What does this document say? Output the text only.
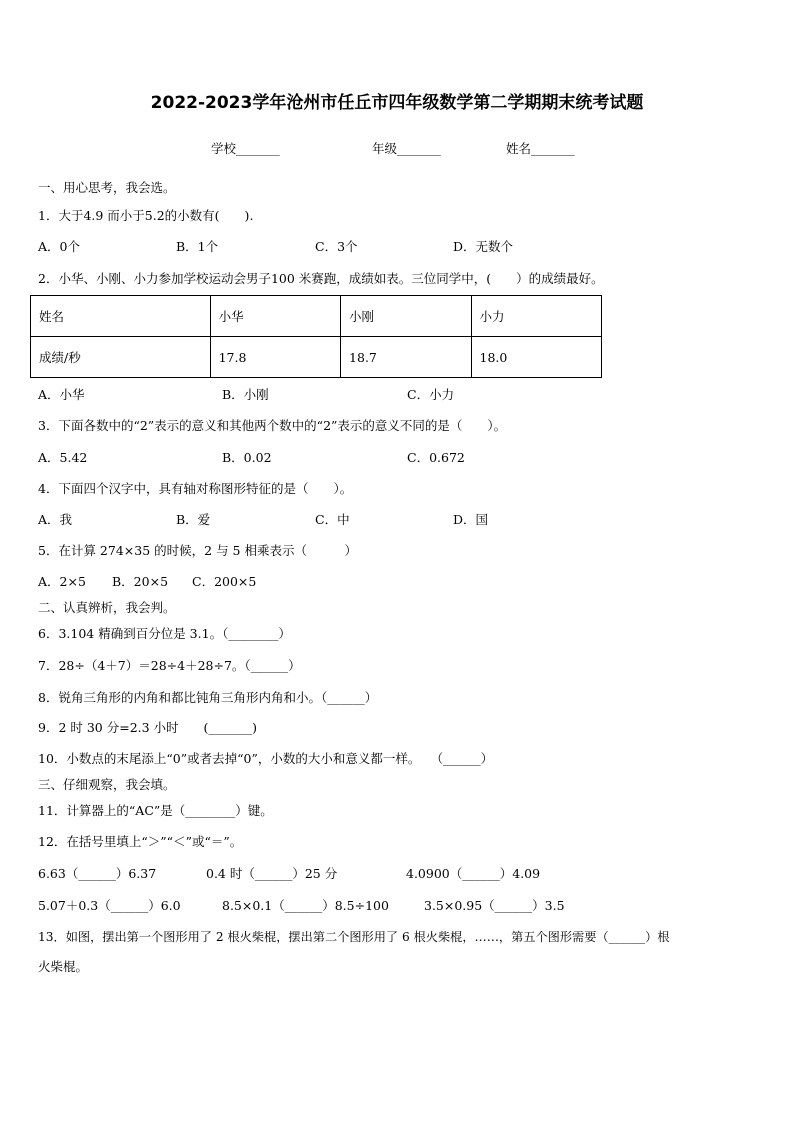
2022-2023学年沧州市任丘市四年级数学第二学期期末统考试题
学校_______	年级_______	姓名_______
一、用心思考，我会选。
1．大于4.9 而小于5.2的小数有(　　).
A．0个	B．1个	C．3个	D．无数个
2．小华、小刚、小力参加学校运动会男子100 米赛跑，成绩如表。三位同学中，(　　）的成绩最好。
姓名	小华	小刚	小力
成绩/秒	17.8	18.7	18.0
A．小华	B．小刚	C．小力
3．下面各数中的“2”表示的意义和其他两个数中的“2”表示的意义不同的是（　　）。
A．5.42	B．0.02	C．0.672
4．下面四个汉字中，具有轴对称图形特征的是（　　）。
A．我	B．爱	C．中	D．国
5．在计算 274×35 的时候，2 与 5 相乘表示（　　　）
A．2×5 B．20×5 C．200×5
二、认真辨析，我会判。
6．3.104 精确到百分位是 3.1。（________）
7．28÷（4＋7）＝28÷4＋28÷7。（______）
8．锐角三角形的内角和都比钝角三角形内角和小。（______）
9．2 时 30 分=2.3 小时　　(_______)
10．小数点的末尾添上“0”或者去掉“0”，小数的大小和意义都一样。　 （______）
三、仔细观察，我会填。
11．计算器上的“AC”是（________）键。
12．在括号里填上“＞”“＜”或“＝”。
6.63（______）6.37	0.4 时（______）25 分	4.0900（______）4.09
5.07＋0.3（______）6.0	8.5×0.1（______）8.5÷100	3.5×0.95（______）3.5
13．如图，摆出第一个图形用了 2 根火柴棍，摆出第二个图形用了 6 根火柴棍，……，第五个图形需要（______）根
火柴棍。
